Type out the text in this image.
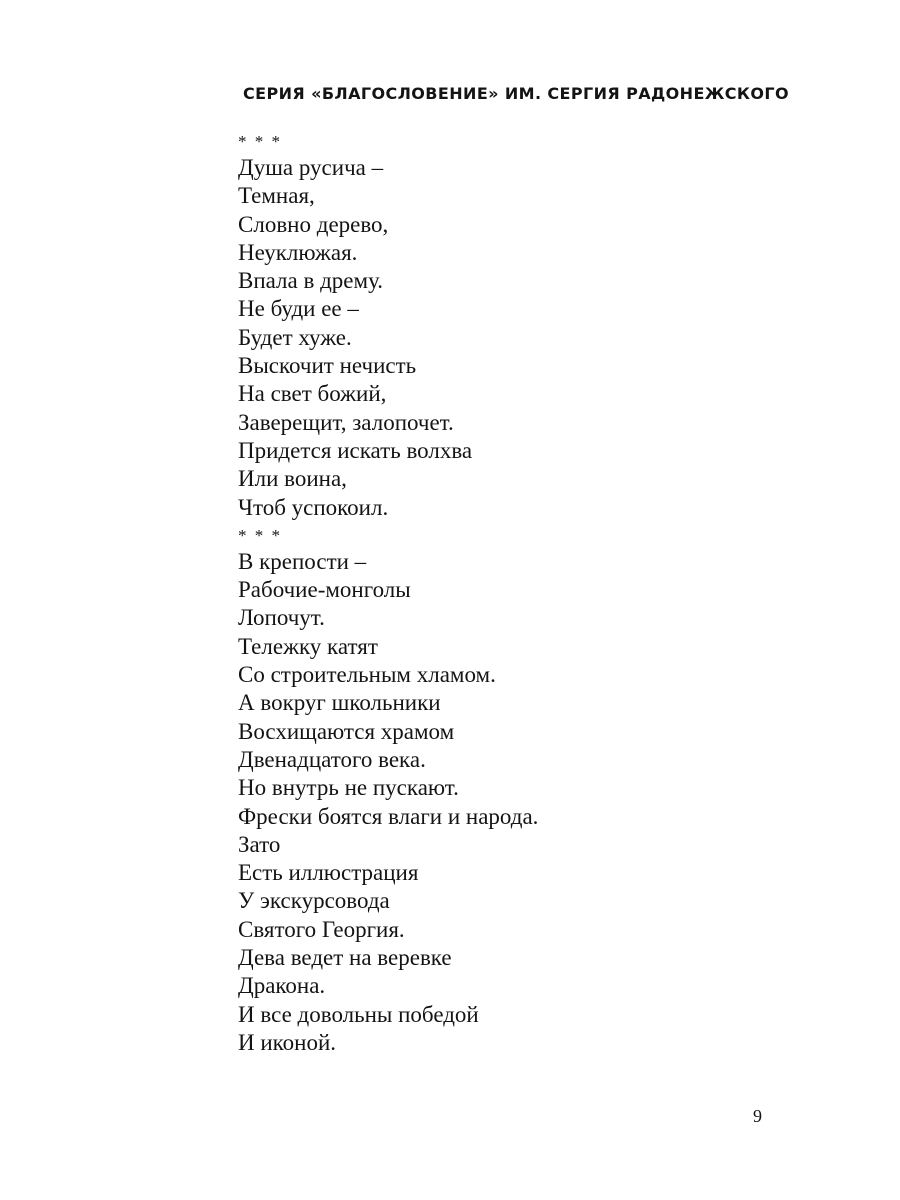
СЕРИЯ «БЛАГОСЛОВЕНИЕ» ИМ. СЕРГИЯ РАДОНЕЖСКОГО
* * *
Душа русича –
Темная,
Словно дерево,
Неуклюжая.
Впала в дрему.
Не буди ее –
Будет хуже.
Выскочит нечисть
На свет божий,
Заверещит, залопочет.
Придется искать волхва
Или воина,
Чтоб успокоил.
* * *
В крепости –
Рабочие-монголы
Лопочут.
Тележку катят
Со строительным хламом.
А вокруг школьники
Восхищаются храмом
Двенадцатого века.
Но внутрь не пускают.
Фрески боятся влаги и народа.
Зато
Есть иллюстрация
У экскурсовода
Святого Георгия.
Дева ведет на веревке
Дракона.
И все довольны победой
И иконой.
9
